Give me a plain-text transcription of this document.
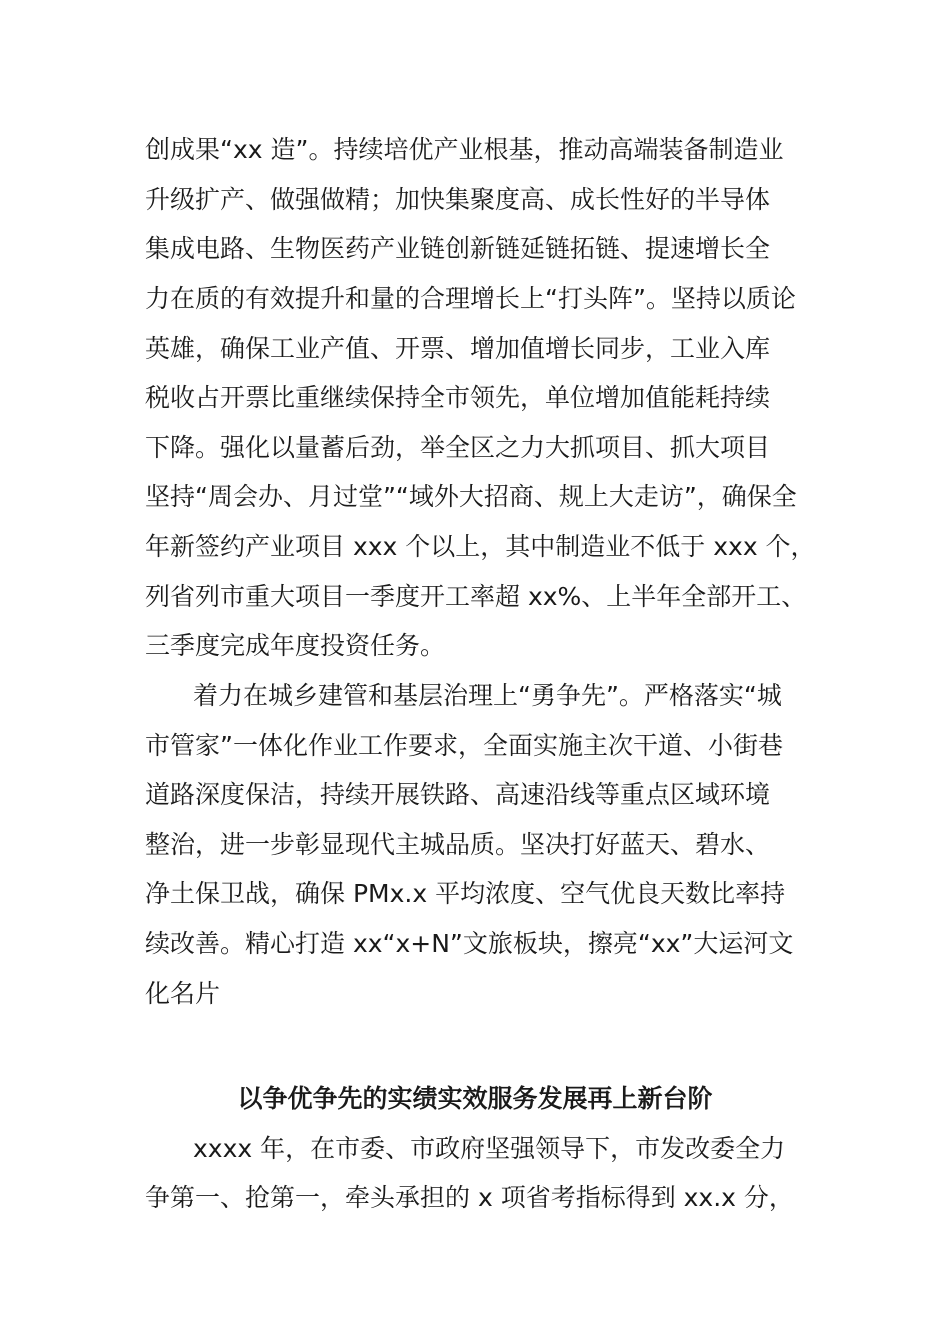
创成果“xx 造”。持续培优产业根基，推动高端装备制造业
升级扩产、做强做精；加快集聚度高、成长性好的半导体
集成电路、生物医药产业链创新链延链拓链、提速增长全
力在质的有效提升和量的合理增长上“打头阵”。坚持以质论
英雄，确保工业产值、开票、增加值增长同步，工业入库
税收占开票比重继续保持全市领先，单位增加值能耗持续
下降。强化以量蓄后劲，举全区之力大抓项目、抓大项目
坚持“周会办、月过堂”“域外大招商、规上大走访”，确保全
年新签约产业项目 xxx 个以上，其中制造业不低于 xxx 个，
列省列市重大项目一季度开工率超 xx%、上半年全部开工、
三季度完成年度投资任务。
着力在城乡建管和基层治理上“勇争先”。严格落实“城
市管家”一体化作业工作要求，全面实施主次干道、小街巷
道路深度保洁，持续开展铁路、高速沿线等重点区域环境
整治，进一步彰显现代主城品质。坚决打好蓝天、碧水、
净土保卫战，确保 PMx.x 平均浓度、空气优良天数比率持
续改善。精心打造 xx“x+N”文旅板块，擦亮“xx”大运河文
化名片
以争优争先的实绩实效服务发展再上新台阶
xxxx 年，在市委、市政府坚强领导下，市发改委全力
争第一、抢第一，牵头承担的 x 项省考指标得到 xx.x 分，
